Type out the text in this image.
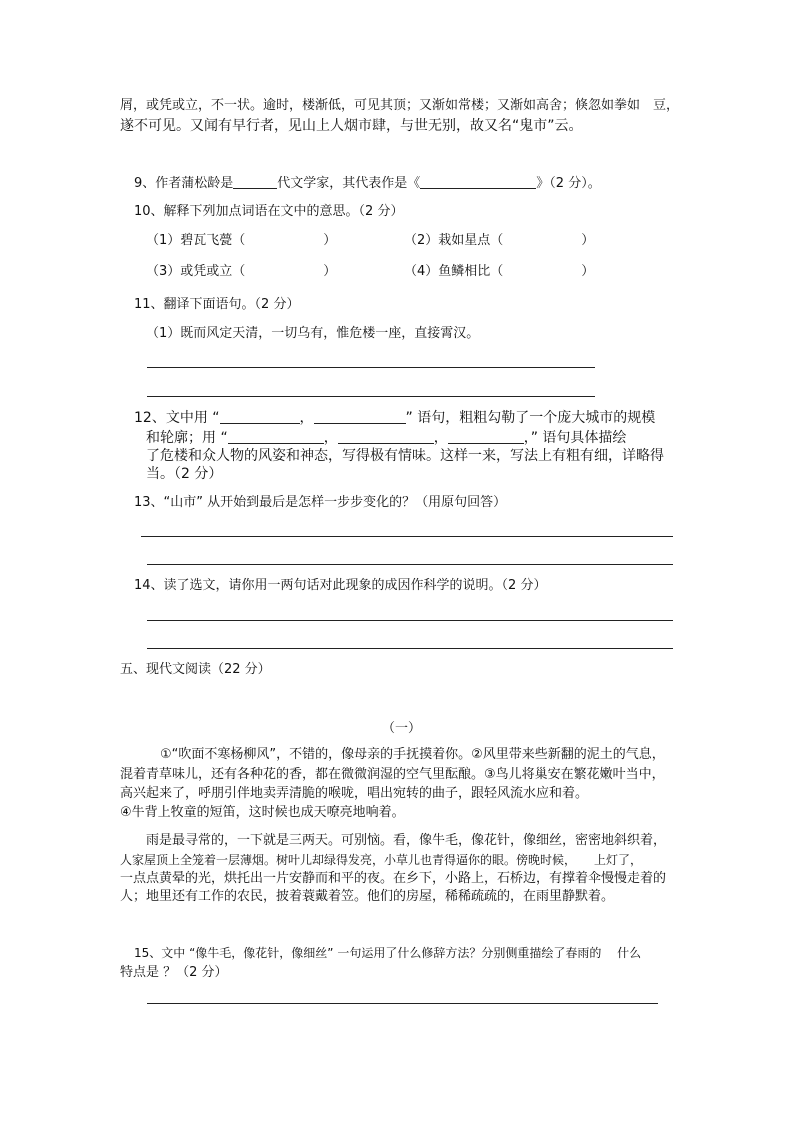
屑，或凭或立，不一状。逾时，楼渐低，可见其顶；又渐如常楼；又渐如高舍；倏忽如拳如　豆，
遂不可见。又闻有早行者，见山上人烟市肆，与世无别，故又名“鬼市”云。
9、作者蒲松龄是	代文学家，其代表作是《	》（2 分）。
10、解释下列加点词语在文中的意思。（2 分）
（1）碧瓦飞甍（　　　　　　）	（2）栽如星点（　　　　　　）
（3）或凭或立（　　　　　　）	（4）鱼鳞相比（　　　　　　）
11、翻译下面语句。（2 分）
（1）既而风定天清，一切乌有，惟危楼一座，直接霄汉。
12、文中用 “	，	” 语句，粗粗勾勒了一个庞大城市的规模
和轮廓；用 “	，	，	，” 语句具体描绘
了危楼和众人物的风姿和神态，写得极有情味。这样一来，写法上有粗有细，详略得
当。（2 分）
13、“山市” 从开始到最后是怎样一步步变化的？（用原句回答）
14、读了选文，请你用一两句话对此现象的成因作科学的说明。（2 分）
五、现代文阅读（22 分）
（一）
①“吹面不寒杨柳风”，不错的，像母亲的手抚摸着你。②风里带来些新翻的泥土的气息，
混着青草味儿，还有各种花的香，都在微微润湿的空气里酝酿。③鸟儿将巢安在繁花嫩叶当中，
高兴起来了，呼朋引伴地卖弄清脆的喉咙，唱出宛转的曲子，跟轻风流水应和着。
④牛背上牧童的短笛，这时候也成天嘹亮地响着。
雨是最寻常的，一下就是三两天。可别恼。看，像牛毛，像花针，像细丝，密密地斜织着，
人家屋顶上全笼着一层薄烟。树叶儿却绿得发亮，小草儿也青得逼你的眼。傍晚时候，　　上灯了，
一点点黄晕的光，烘托出一片安静而和平的夜。在乡下，小路上，石桥边，有撑着伞慢慢走着的
人；地里还有工作的农民，披着蓑戴着笠。他们的房屋，稀稀疏疏的，在雨里静默着。
15、文中 “像牛毛，像花针，像细丝” 一句运用了什么修辞方法？分别侧重描绘了春雨的　 什么
特点是 ？（2 分）
